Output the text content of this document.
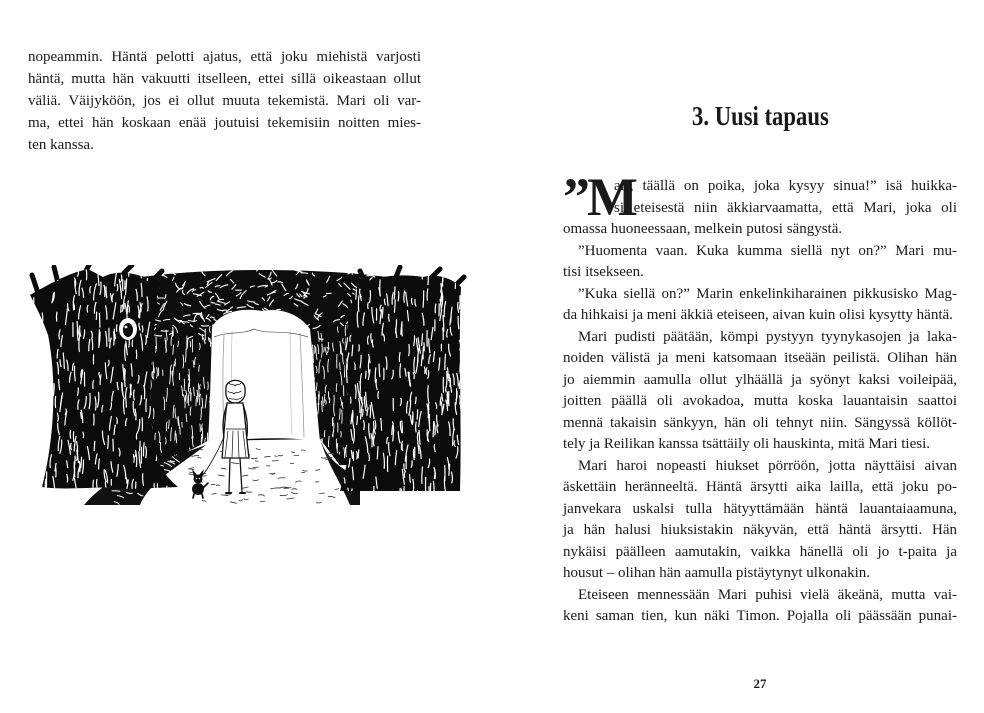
nopeammin. Häntä pelotti ajatus, että joku miehistä varjosti
häntä, mutta hän vakuutti itselleen, ettei sillä oikeastaan ollut
väliä. Väijyköön, jos ei ollut muuta tekemistä. Mari oli var-
ma, ettei hän koskaan enää joutuisi tekemisiin noitten mies-
ten kanssa.
3. Uusi tapaus
”M
ari, täällä on poika, joka kysyy sinua!” isä huikka-
si eteisestä niin äkkiarvaamatta, että Mari, joka oli
omassa huoneessaan, melkein putosi sängystä.
”Huomenta vaan. Kuka kumma siellä nyt on?” Mari mu-
tisi itsekseen.
”Kuka siellä on?” Marin enkelinkiharainen pikkusisko Mag-
da hihkaisi ja meni äkkiä eteiseen, aivan kuin olisi kysytty häntä.
Mari pudisti päätään, kömpi pystyyn tyynykasojen ja laka-
noiden välistä ja meni katsomaan itseään peilistä. Olihan hän
jo aiemmin aamulla ollut ylhäällä ja syönyt kaksi voileipää,
joitten päällä oli avokadoa, mutta koska lauantaisin saattoi
mennä takaisin sänkyyn, hän oli tehnyt niin. Sängyssä köllöt-
tely ja Reilikan kanssa tsättäily oli hauskinta, mitä Mari tiesi.
Mari haroi nopeasti hiukset pörröön, jotta näyttäisi aivan
äskettäin heränneeltä. Häntä ärsytti aika lailla, että joku po-
janvekara uskalsi tulla hätyyttämään häntä lauantaiaamuna,
ja hän halusi hiuksistakin näkyvän, että häntä ärsytti. Hän
nykäisi päälleen aamutakin, vaikka hänellä oli jo t-paita ja
housut – olihan hän aamulla pistäytynyt ulkonakin.
Eteiseen mennessään Mari puhisi vielä äkeänä, mutta vai-
keni saman tien, kun näki Timon. Pojalla oli päässään punai-
27
